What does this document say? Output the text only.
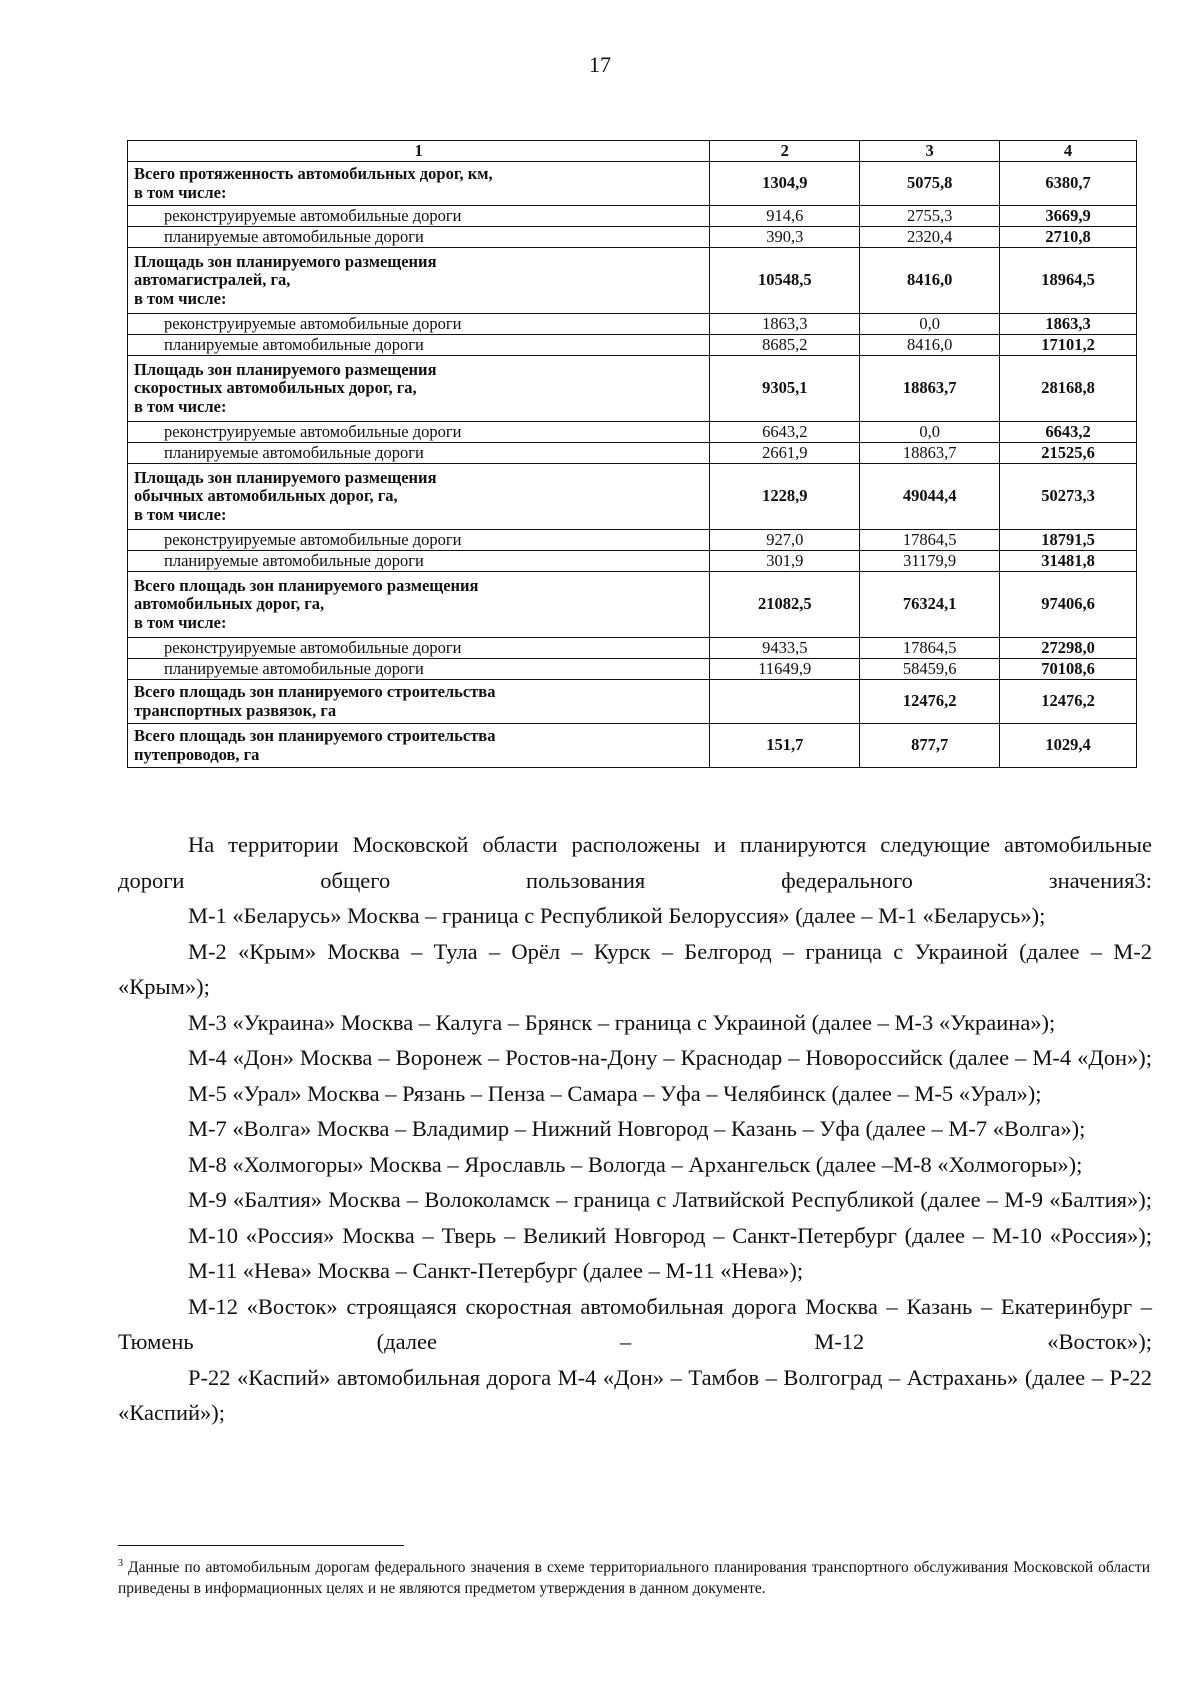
17
1	2	3	4
Всего протяженность автомобильных дорог, км,
в том числе:	1304,9	5075,8	6380,7
реконструируемые автомобильные дороги	914,6	2755,3	3669,9
планируемые автомобильные дороги	390,3	2320,4	2710,8
Площадь зон планируемого размещения
автомагистралей, га,
в том числе:	10548,5	8416,0	18964,5
реконструируемые автомобильные дороги	1863,3	0,0	1863,3
планируемые автомобильные дороги	8685,2	8416,0	17101,2
Площадь зон планируемого размещения
скоростных автомобильных дорог, га,
в том числе:	9305,1	18863,7	28168,8
реконструируемые автомобильные дороги	6643,2	0,0	6643,2
планируемые автомобильные дороги	2661,9	18863,7	21525,6
Площадь зон планируемого размещения
обычных автомобильных дорог, га,
в том числе:	1228,9	49044,4	50273,3
реконструируемые автомобильные дороги	927,0	17864,5	18791,5
планируемые автомобильные дороги	301,9	31179,9	31481,8
Всего площадь зон планируемого размещения
автомобильных дорог, га,
в том числе:	21082,5	76324,1	97406,6
реконструируемые автомобильные дороги	9433,5	17864,5	27298,0
планируемые автомобильные дороги	11649,9	58459,6	70108,6
Всего площадь зон планируемого строительства
транспортных развязок, га		12476,2	12476,2
Всего площадь зон планируемого строительства
путепроводов, га	151,7	877,7	1029,4

На территории Московской области расположены и планируются следующие автомобильные дороги общего пользования федерального значения3:

М-1 «Беларусь» Москва – граница с Республикой Белоруссия» (далее – М-1 «Беларусь»);

М-2 «Крым» Москва – Тула – Орёл – Курск – Белгород – граница с Украиной (далее – М-2 «Крым»);

М-3 «Украина» Москва – Калуга – Брянск – граница с Украиной (далее – М-3 «Украина»);

М-4 «Дон» Москва – Воронеж – Ростов-на-Дону – Краснодар – Новороссийск (далее – М-4 «Дон»);

М-5 «Урал» Москва – Рязань – Пенза – Самара – Уфа – Челябинск (далее – М-5 «Урал»);

М-7 «Волга» Москва – Владимир – Нижний Новгород – Казань – Уфа (далее – М-7 «Волга»);

М-8 «Холмогоры» Москва – Ярославль – Вологда – Архангельск (далее –М-8 «Холмогоры»);

М-9 «Балтия» Москва – Волоколамск – граница с Латвийской Республикой (далее – М-9 «Балтия»);

М-10 «Россия» Москва – Тверь – Великий Новгород – Санкт-Петербург (далее – М-10 «Россия»);

М-11 «Нева» Москва – Санкт-Петербург (далее – М-11 «Нева»);

М-12 «Восток» строящаяся скоростная автомобильная дорога Москва – Казань – Екатеринбург – Тюмень (далее – М-12 «Восток»);

Р-22 «Каспий» автомобильная дорога М-4 «Дон» – Тамбов – Волгоград – Астрахань» (далее – Р-22 «Каспий»);

$^3$ Данные по автомобильным дорогам федерального значения в схеме территориального планирования транспортного обслуживания Московской области приведены в информационных целях и не являются предметом утверждения в данном документе.
